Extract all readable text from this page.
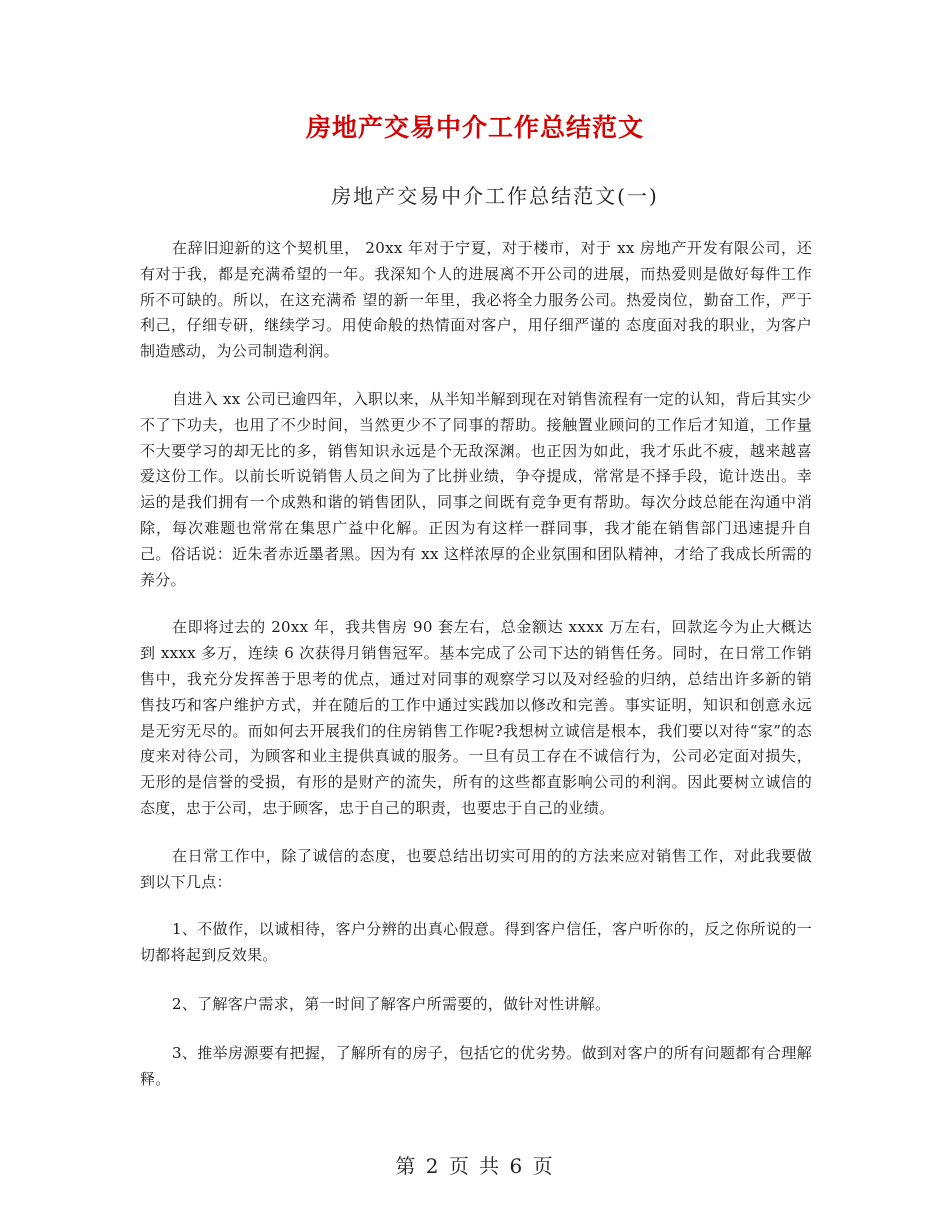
房地产交易中介工作总结范文
房地产交易中介工作总结范文(一)

在辞旧迎新的这个契机里， 20xx 年对于宁夏，对于楼市，对于 xx 房地产开发有限公司，还有对于我，都是充满希望的一年。我深知个人的进展离不开公司的进展，而热爱则是做好每件工作所不可缺的。所以，在这充满希 望的新一年里，我必将全力服务公司。热爱岗位，勤奋工作，严于利己，仔细专研，继续学习。用使命般的热情面对客户，用仔细严谨的 态度面对我的职业，为客户制造感动，为公司制造利润。

自进入 xx 公司已逾四年，入职以来，从半知半解到现在对销售流程有一定的认知，背后其实少不了下功夫，也用了不少时间，当然更少不了同事的帮助。接触置业顾问的工作后才知道，工作量不大要学习的却无比的多，销售知识永远是个无敌深渊。也正因为如此，我才乐此不疲，越来越喜爱这份工作。以前长听说销售人员之间为了比拼业绩，争夺提成，常常是不择手段，诡计迭出。幸运的是我们拥有一个成熟和谐的销售团队，同事之间既有竞争更有帮助。每次分歧总能在沟通中消除，每次难题也常常在集思广益中化解。正因为有这样一群同事，我才能在销售部门迅速提升自己。俗话说：近朱者赤近墨者黑。因为有 xx 这样浓厚的企业氛围和团队精神，才给了我成长所需的养分。

在即将过去的 20xx 年，我共售房 90 套左右，总金额达 xxxx 万左右，回款迄今为止大概达到 xxxx 多万，连续 6 次获得月销售冠军。基本完成了公司下达的销售任务。同时，在日常工作销售中，我充分发挥善于思考的优点，通过对同事的观察学习以及对经验的归纳，总结出许多新的销售技巧和客户维护方式，并在随后的工作中通过实践加以修改和完善。事实证明，知识和创意永远是无穷无尽的。而如何去开展我们的住房销售工作呢?我想树立诚信是根本，我们要以对待“家”的态度来对待公司，为顾客和业主提供真诚的服务。一旦有员工存在不诚信行为，公司必定面对损失，无形的是信誉的受损，有形的是财产的流失，所有的这些都直影响公司的利润。因此要树立诚信的态度，忠于公司，忠于顾客，忠于自己的职责，也要忠于自己的业绩。

在日常工作中，除了诚信的态度，也要总结出切实可用的的方法来应对销售工作，对此我要做到以下几点：

1、不做作，以诚相待，客户分辨的出真心假意。得到客户信任，客户听你的，反之你所说的一切都将起到反效果。

2、了解客户需求，第一时间了解客户所需要的，做针对性讲解。

3、推举房源要有把握，了解所有的房子，包括它的优劣势。做到对客户的所有问题都有合理解释。

第 2 页 共 6 页
